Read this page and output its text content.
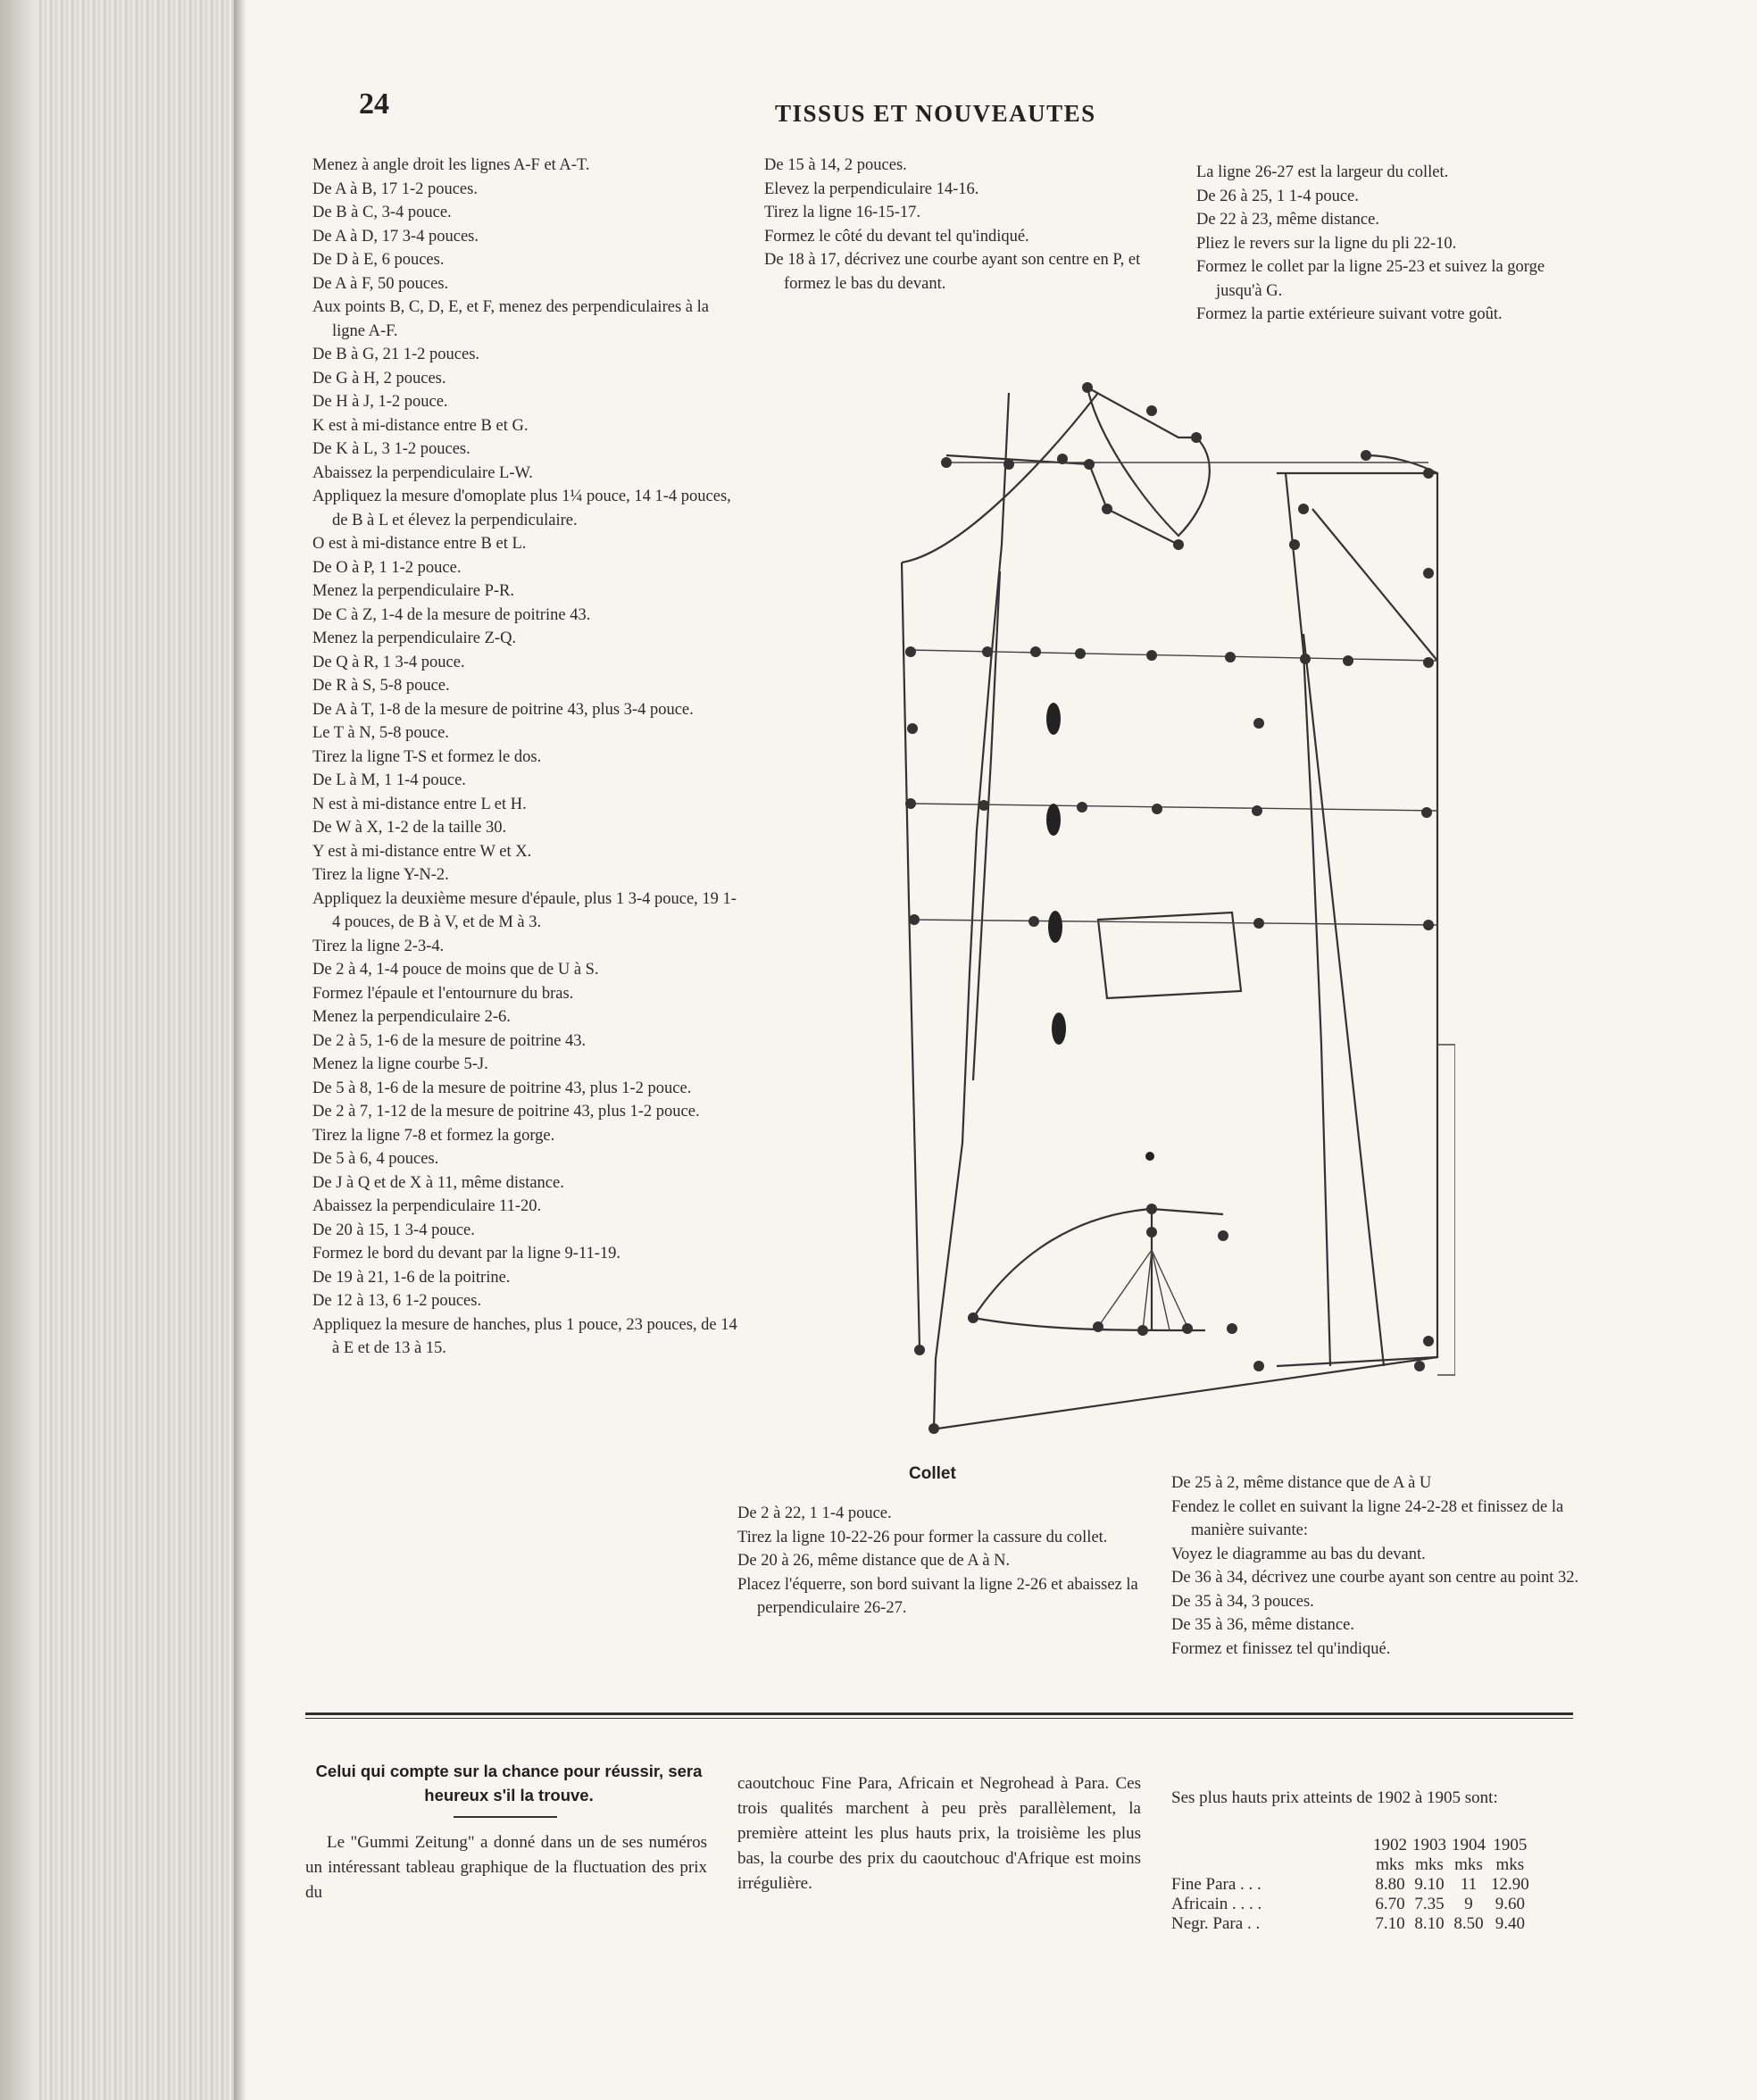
24	TISSUS ET NOUVEAUTES

Menez à angle droit les lignes A-F et A-T.

De A à B, 17 1-2 pouces.

De B à C, 3-4 pouce.

De A à D, 17 3-4 pouces.

De D à E, 6 pouces.

De A à F, 50 pouces.

Aux points B, C, D, E, et F, menez des perpendiculaires à la ligne A-F.

De B à G, 21 1-2 pouces.

De G à H, 2 pouces.

De H à J, 1-2 pouce.

K est à mi-distance entre B et G.

De K à L, 3 1-2 pouces.

Abaissez la perpendiculaire L-W.

Appliquez la mesure d'omoplate plus 1¼ pouce, 14 1-4 pouces, de B à L et élevez la perpendiculaire.

O est à mi-distance entre B et L.

De O à P, 1 1-2 pouce.

Menez la perpendiculaire P-R.

De C à Z, 1-4 de la mesure de poitrine 43.

Menez la perpendiculaire Z-Q.

De Q à R, 1 3-4 pouce.

De R à S, 5-8 pouce.

De A à T, 1-8 de la mesure de poitrine 43, plus 3-4 pouce.

Le T à N, 5-8 pouce.

Tirez la ligne T-S et formez le dos.

De L à M, 1 1-4 pouce.

N est à mi-distance entre L et H.

De W à X, 1-2 de la taille 30.

Y est à mi-distance entre W et X.

Tirez la ligne Y-N-2.

Appliquez la deuxième mesure d'épaule, plus 1 3-4 pouce, 19 1-4 pouces, de B à V, et de M à 3.

Tirez la ligne 2-3-4.

De 2 à 4, 1-4 pouce de moins que de U à S.

Formez l'épaule et l'entournure du bras.

Menez la perpendiculaire 2-6.

De 2 à 5, 1-6 de la mesure de poitrine 43.

Menez la ligne courbe 5-J.

De 5 à 8, 1-6 de la mesure de poitrine 43, plus 1-2 pouce.

De 2 à 7, 1-12 de la mesure de poitrine 43, plus 1-2 pouce.

Tirez la ligne 7-8 et formez la gorge.

De 5 à 6, 4 pouces.

De J à Q et de X à 11, même distance.

Abaissez la perpendiculaire 11-20.

De 20 à 15, 1 3-4 pouce.

Formez le bord du devant par la ligne 9-11-19.

De 19 à 21, 1-6 de la poitrine.

De 12 à 13, 6 1-2 pouces.

Appliquez la mesure de hanches, plus 1 pouce, 23 pouces, de 14 à E et de 13 à 15.

De 15 à 14, 2 pouces.

Elevez la perpendiculaire 14-16.

Tirez la ligne 16-15-17.

Formez le côté du devant tel qu'indiqué.

De 18 à 17, décrivez une courbe ayant son centre en P, et formez le bas du devant.

La ligne 26-27 est la largeur du collet.

De 26 à 25, 1 1-4 pouce.

De 22 à 23, même distance.

Pliez le revers sur la ligne du pli 22-10.

Formez le collet par la ligne 25-23 et suivez la gorge jusqu'à G.

Formez la partie extérieure suivant votre goût.

Collet

De 2 à 22, 1 1-4 pouce.

Tirez la ligne 10-22-26 pour former la cassure du collet.

De 20 à 26, même distance que de A à N.

Placez l'équerre, son bord suivant la ligne 2-26 et abaissez la perpendiculaire 26-27.

De 25 à 2, même distance que de A à U

Fendez le collet en suivant la ligne 24-2-28 et finissez de la manière suivante:

Voyez le diagramme au bas du devant.

De 36 à 34, décrivez une courbe ayant son centre au point 32.

De 35 à 34, 3 pouces.

De 35 à 36, même distance.

Formez et finissez tel qu'indiqué.

Celui qui compte sur la chance pour réussir, sera heureux s'il la trouve.
Le "Gummi Zeitung" a donné dans un de ses numéros un intéressant tableau graphique de la fluctuation des prix du
caoutchouc Fine Para, Africain et Negrohead à Para. Ces trois qualités marchent à peu près parallèlement, la première atteint les plus hauts prix, la troisième les plus bas, la courbe des prix du caoutchouc d'Afrique est moins irrégulière.
Ses plus hauts prix atteints de 1902 à 1905 sont:
	1902	1903	1904	1905
	mks	mks	mks	mks
Fine Para . . .	8.80	9.10	11	12.90
Africain . . . .	6.70	7.35	9	9.60
Negr. Para . .	7.10	8.10	8.50	9.40
